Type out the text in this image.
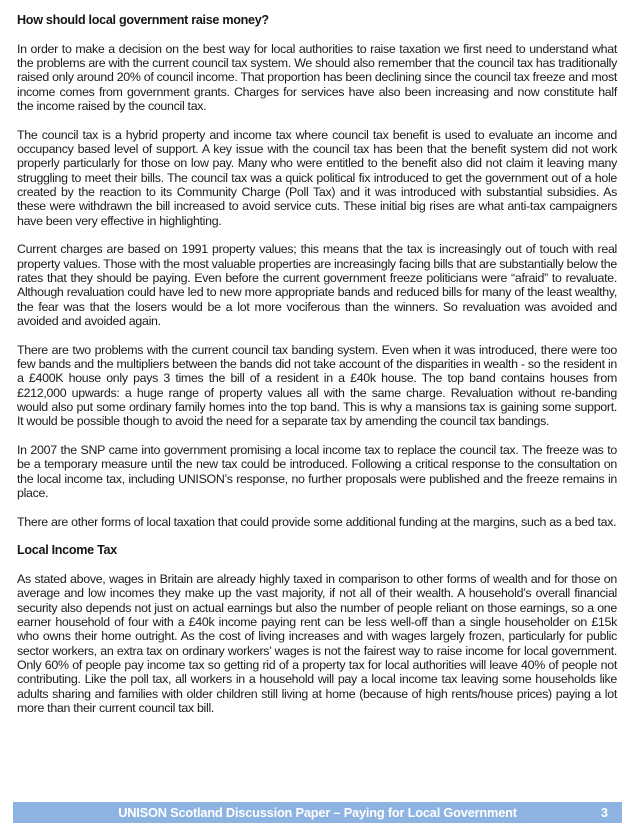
How should local government raise money?

In order to make a decision on the best way for local authorities to raise taxation we first need to understand what the problems are with the current council tax system. We should also remember that the council tax has traditionally raised only around 20% of council income. That proportion has been declining since the council tax freeze and most income comes from government grants. Charges for services have also been increasing and now constitute half the income raised by the council tax.

The council tax is a hybrid property and income tax where council tax benefit is used to evaluate an income and occupancy based level of support. A key issue with the council tax has been that the benefit system did not work properly particularly for those on low pay. Many who were entitled to the benefit also did not claim it leaving many struggling to meet their bills. The council tax was a quick political fix introduced to get the government out of a hole created by the reaction to its Community Charge (Poll Tax) and it was introduced with substantial subsidies. As these were withdrawn the bill increased to avoid service cuts. These initial big rises are what anti-tax campaigners have been very effective in highlighting.

Current charges are based on 1991 property values; this means that the tax is increasingly out of touch with real property values. Those with the most valuable properties are increasingly facing bills that are substantially below the rates that they should be paying. Even before the current government freeze politicians were “afraid” to revaluate. Although revaluation could have led to new more appropriate bands and reduced bills for many of the least wealthy, the fear was that the losers would be a lot more vociferous than the winners. So revaluation was avoided and avoided and avoided again.

There are two problems with the current council tax banding system. Even when it was introduced, there were too few bands and the multipliers between the bands did not take account of the disparities in wealth - so the resident in a £400K house only pays 3 times the bill of a resident in a £40k house. The top band contains houses from £212,000 upwards: a huge range of property values all with the same charge. Revaluation without re-banding would also put some ordinary family homes into the top band. This is why a mansions tax is gaining some support. It would be possible though to avoid the need for a separate tax by amending the council tax bandings.

In 2007 the SNP came into government promising a local income tax to replace the council tax. The freeze was to be a temporary measure until the new tax could be introduced. Following a critical response to the consultation on the local income tax, including UNISON’s response, no further proposals were published and the freeze remains in place.

There are other forms of local taxation that could provide some additional funding at the margins, such as a bed tax.

Local Income Tax

As stated above, wages in Britain are already highly taxed in comparison to other forms of wealth and for those on average and low incomes they make up the vast majority, if not all of their wealth. A household’s overall financial security also depends not just on actual earnings but also the number of people reliant on those earnings, so a one earner household of four with a £40k income paying rent can be less well-off than a single householder on £15k who owns their home outright. As the cost of living increases and with wages largely frozen, particularly for public sector workers, an extra tax on ordinary workers’ wages is not the fairest way to raise income for local government. Only 60% of people pay income tax so getting rid of a property tax for local authorities will leave 40% of people not contributing. Like the poll tax, all workers in a household will pay a local income tax leaving some households like adults sharing and families with older children still living at home (because of high rents/house prices) paying a lot more than their current council tax bill.

UNISON Scotland Discussion Paper – Paying for Local Government	3
